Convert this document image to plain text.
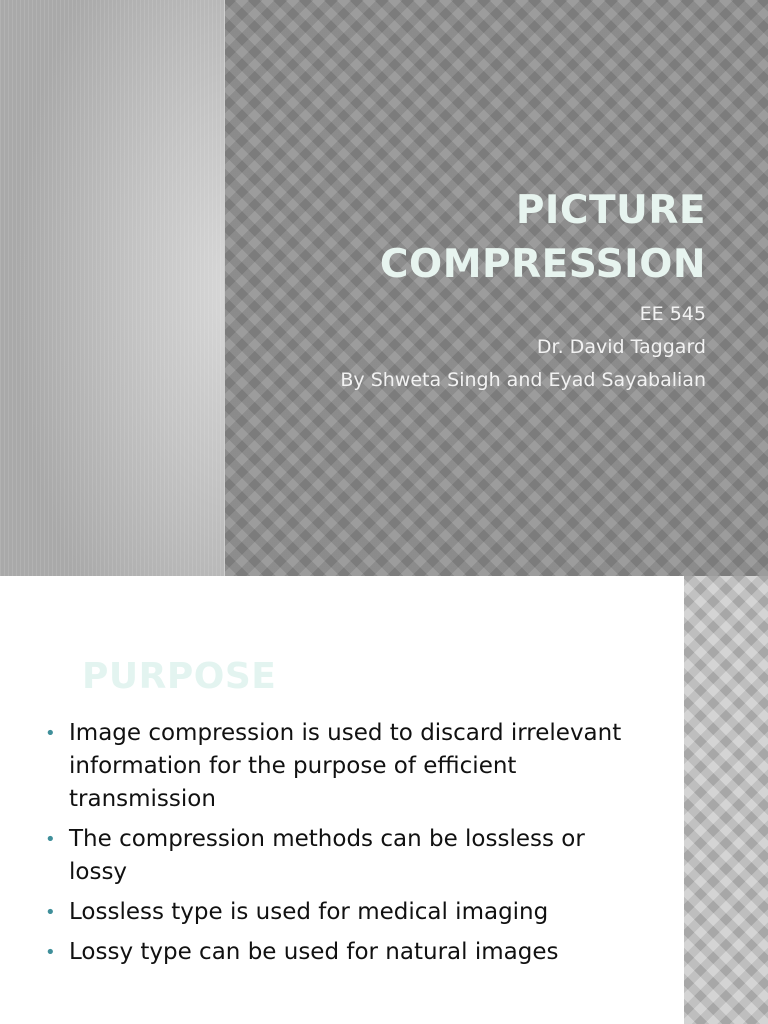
PICTURE
COMPRESSION
EE 545
Dr. David Taggard
By Shweta Singh and Eyad Sayabalian
PURPOSE
• Image compression is used to discard irrelevant information for the purpose of efficient transmission
• The compression methods can be lossless or lossy
• Lossless type is used for medical imaging
• Lossy type can be used for natural images
